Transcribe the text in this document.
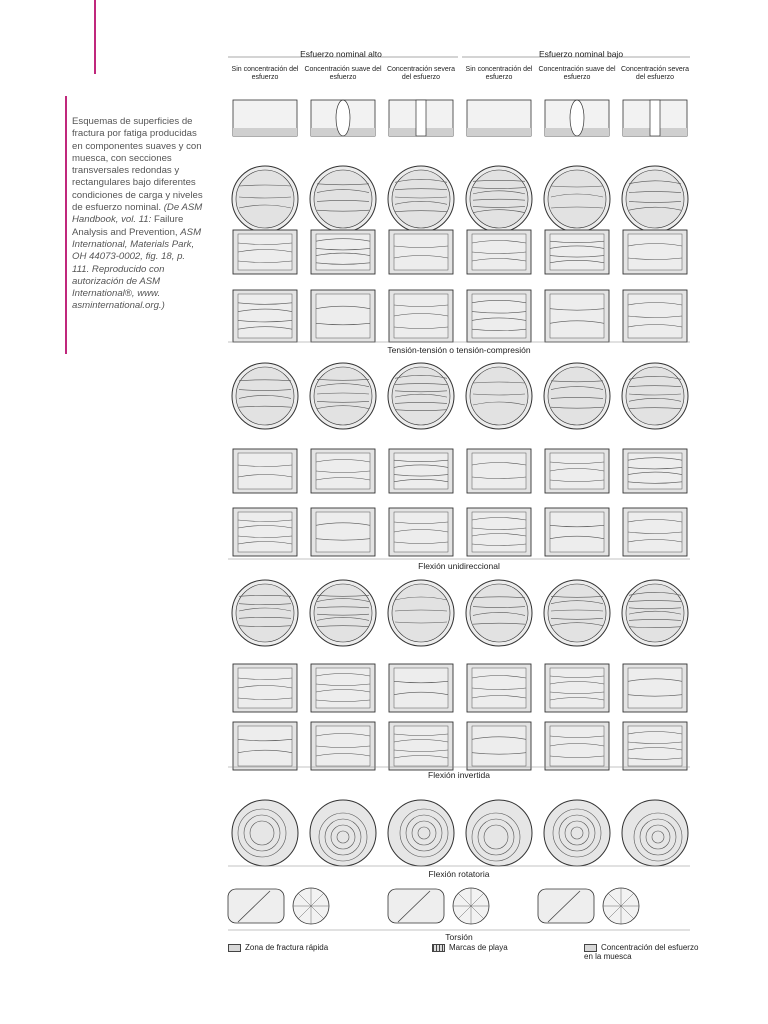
Esquemas de superficies de fractura por fatiga producidas en componentes suaves y con muesca, con secciones transversales redondas y rectangulares bajo diferentes condiciones de carga y niveles de esfuerzo nominal. (De ASM Handbook, vol. 11: Failure Analysis and Prevention, ASM International, Materials Park, OH 44073-0002, fig. 18, p. 111. Reproducido con autorización de ASM International®, www. asminternational.org.)
Esfuerzo nominal alto	Esfuerzo nominal bajo
Sin concentración del esfuerzo
Concentración suave del esfuerzo
Concentración severa del esfuerzo
Sin concentración del esfuerzo
Concentración suave del esfuerzo
Concentración severa del esfuerzo
Tensión-tensión o tensión-compresión
Flexión unidireccional
Flexión invertida
Flexión rotatoria
Torsión
Zona de fractura rápida	Marcas de playa	Concentración del esfuerzo en la muesca
